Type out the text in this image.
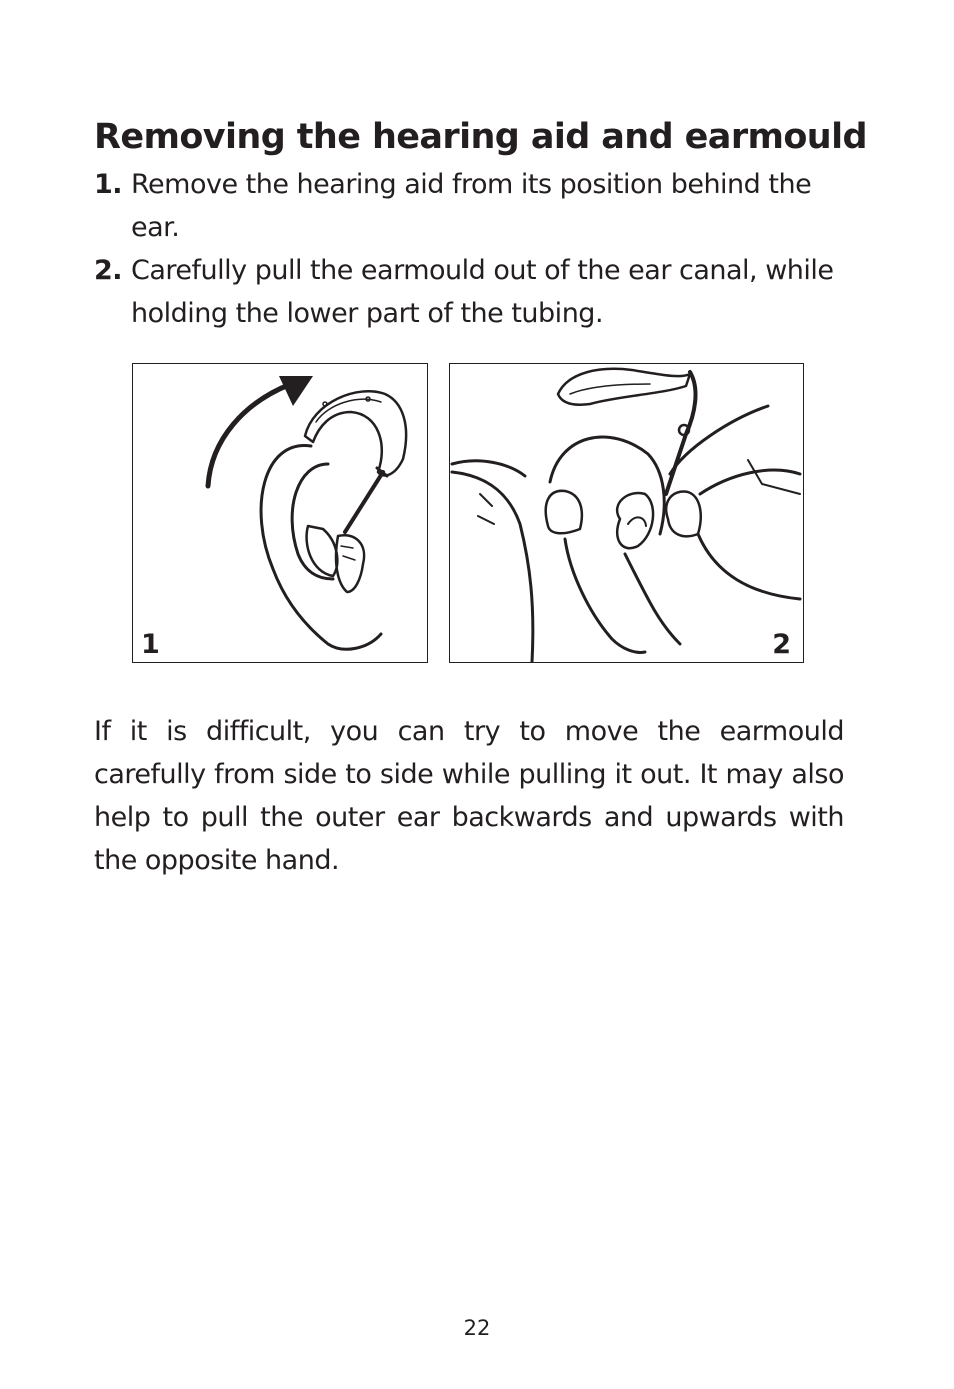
Removing the hearing aid and earmould
1. Remove the hearing aid from its position behind the ear.
2. Carefully pull the earmould out of the ear canal, while holding the lower part of the tubing.
1	2

If it is difficult, you can try to move the earmould carefully from side to side while pulling it out. It may also help to pull the outer ear backwards and upwards with the opposite hand.

22
